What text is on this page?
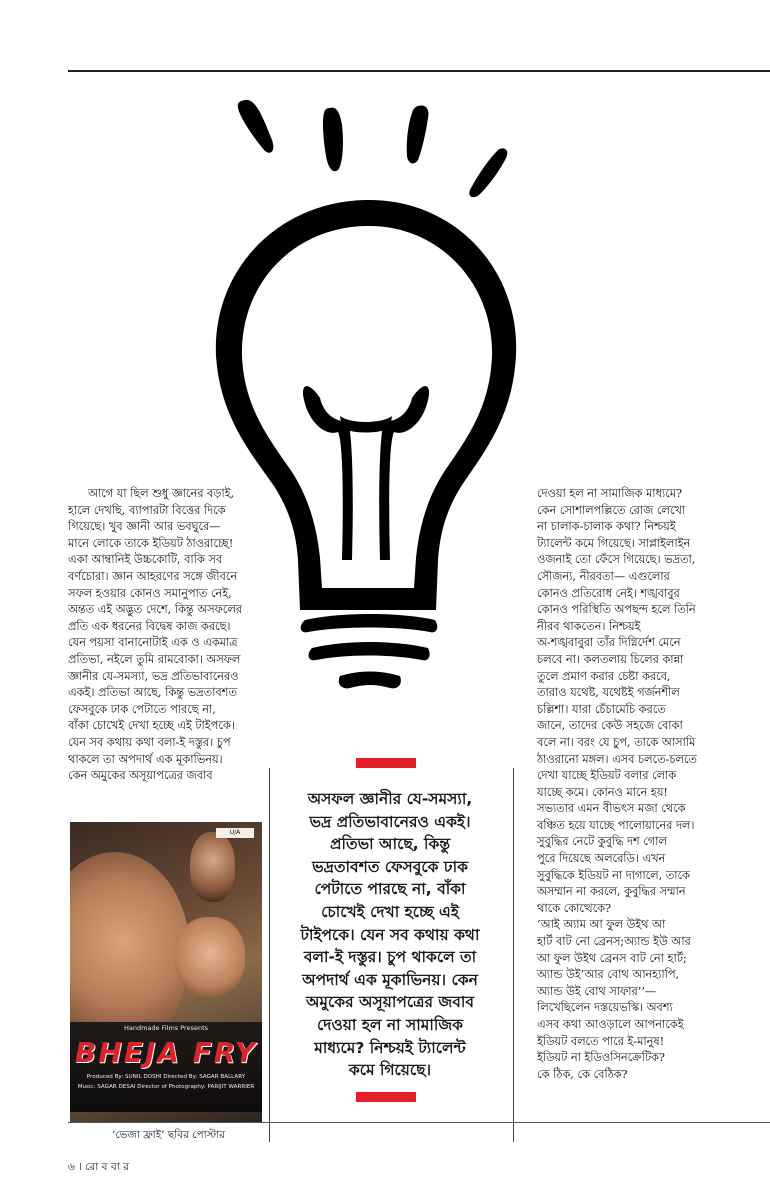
আগে যা ছিল শুধু জ্ঞানের বড়াই,

হালে দেখছি, ব্যাপারটা বিত্তের দিকে

গিয়েছে। খুব জ্ঞানী আর ভবঘুরে—

মানে লোকে তাকে ইডিয়ট ঠাওরাচ্ছে!

একা আম্বানিই উচ্চকোটি, বাকি সব

বর্ণচোরা। জ্ঞান আহরণের সঙ্গে জীবনে

সফল হওয়ার কোনও সমানুপাত নেই,

অন্তত এই অদ্ভুত দেশে, কিন্তু অসফলের

প্রতি এক ধরনের বিদ্বেষ কাজ করছে।

যেন পয়সা বানানোটাই এক ও একমাত্র

প্রতিভা, নইলে তুমি রামবোকা। অসফল

জ্ঞানীর যে-সমস্যা, ভদ্র প্রতিভাবানেরও

একই। প্রতিভা আছে, কিন্তু ভদ্রতাবশত

ফেসবুকে ঢাক পেটাতে পারছে না,

বাঁকা চোখেই দেখা হচ্ছে এই টাইপকে।

যেন সব কথায় কথা বলা-ই দস্তুর। চুপ

থাকলে তা অপদার্থ এক মূকাভিনয়।

কেন অমুকের অসূয়াপত্রের জবাব

U/A
Handmade Films Presents
BHEJA FRY
Produced By: SUNIL DOSHI Directed By: SAGAR BALLARY
Music: SAGAR DESAI Director of Photography: PARIJIT WARRIER
‘ভেজা ফ্রাই’ ছবির পোস্টার

অসফল জ্ঞানীর যে-সমস্যা,

ভদ্র প্রতিভাবানেরও একই।

প্রতিভা আছে, কিন্তু

ভদ্রতাবশত ফেসবুকে ঢাক

পেটাতে পারছে না, বাঁকা

চোখেই দেখা হচ্ছে এই

টাইপকে। যেন সব কথায় কথা

বলা-ই দস্তুর। চুপ থাকলে তা

অপদার্থ এক মূকাভিনয়। কেন

অমুকের অসূয়াপত্রের জবাব

দেওয়া হল না সামাজিক

মাধ্যমে? নিশ্চয়ই ট্যালেন্ট

কমে গিয়েছে।

দেওয়া হল না সামাজিক মাধ্যমে?

কেন সোশালপল্লিতে রোজ লেখো

না চালাক-চালাক কথা? নিশ্চয়ই

ট্যালেন্ট কমে গিয়েছে। সাপ্লাইলাইন

ওজনাই তো ফেঁসে গিয়েছে। ভদ্রতা,

সৌজন্য, নীরবতা— এগুলোর

কোনও প্রতিরোধ নেই। শঙ্খবাবুর

কোনও পরিস্থিতি অপছন্দ হলে তিনি

নীরব থাকতেন। নিশ্চয়ই

অ-শঙ্খবাবুরা তাঁর দিগ্নির্দেশ মেনে

চলবে না। কলতলায় চিলের কান্না

তুলে প্রমাণ করার চেষ্টা করবে,

তারাও যথেষ্ট, যথেষ্টই গর্জনশীল

চল্লিশা। যারা চেঁচামেচি করতে

জানে, তাদের কেউ সহজে বোকা

বলে না। বরং যে চুপ, তাকে আসামি

ঠাওরানো মঙ্গল। এসব চলতে-চলতে

দেখা যাচ্ছে ইডিয়ট বলার লোক

যাচ্ছে কমে। কোনও মানে হয়!

সভ্যতার এমন বীভৎস মজা থেকে

বঞ্চিত হয়ে যাচ্ছে পালোয়ানের দল।

সুবুদ্ধির নেটে কুবুদ্ধি দশ গোল

পুরে দিয়েছে অলরেডি। এখন

সুবুদ্ধিকে ইডিয়ট না দাগালে, তাকে

অসম্মান না করলে, কুবুদ্ধির সম্মান

থাকে কোত্থেকে?

‘আই অ্যাম আ ফুল উইথ আ

হার্ট বাট নো ব্রেনস;অ্যান্ড ইউ আর

আ ফুল উইথ ব্রেনস বাট নো হার্ট;

অ্যান্ড উই’আর বোথ আনহ্যাপি,

অ্যান্ড উই বোথ সাফার’’—

লিখেছিলেন দস্তয়েভস্কি। অবশ্য

এসব কথা আওড়ালে আপনাকেই

ইডিয়ট বলতে পারে ই-মানুষ!

ইডিয়ট না ইডিওসিনক্রেটিক?

কে ঠিক, কে বেঠিক?

৬ । রো ব বা র
